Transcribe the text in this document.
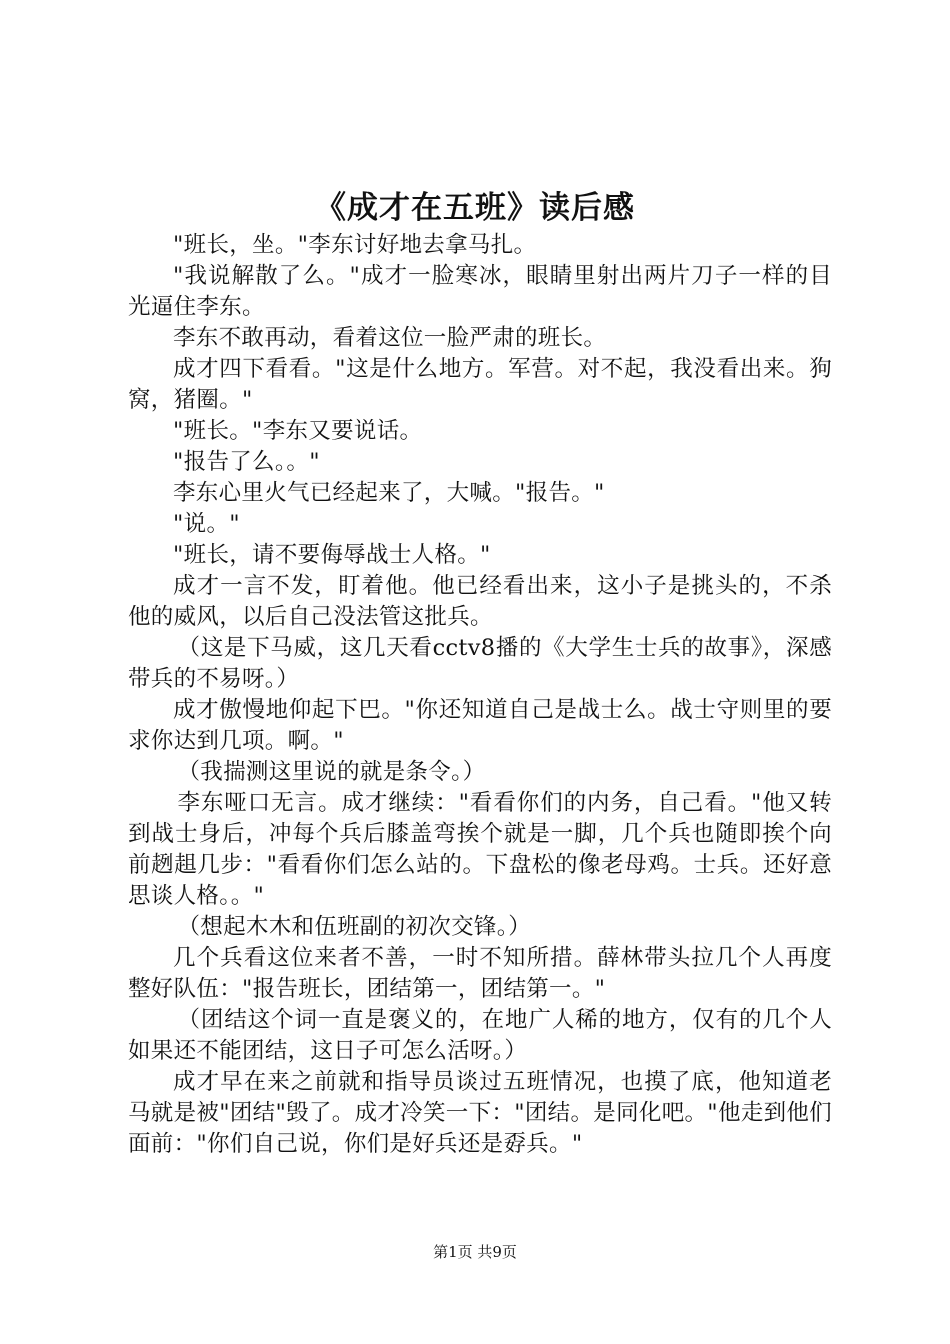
《成才在五班》读后感

"班长，坐。"李东讨好地去拿马扎。

"我说解散了么。"成才一脸寒冰，眼睛里射出两片刀子一样的目光逼住李东。

李东不敢再动，看着这位一脸严肃的班长。

成才四下看看。"这是什么地方。军营。对不起，我没看出来。狗窝，猪圈。"

"班长。"李东又要说话。

"报告了么。。"

李东心里火气已经起来了，大喊。"报告。"

"说。"

"班长，请不要侮辱战士人格。"

成才一言不发，盯着他。他已经看出来，这小子是挑头的，不杀他的威风，以后自己没法管这批兵。

（这是下马威，这几天看cctv8播的《大学生士兵的故事》，深感带兵的不易呀。）

成才傲慢地仰起下巴。"你还知道自己是战士么。战士守则里的要求你达到几项。啊。"

（我揣测这里说的就是条令。）

李东哑口无言。成才继续："看看你们的内务，自己看。"他又转到战士身后，冲每个兵后膝盖弯挨个就是一脚，几个兵也随即挨个向前趔趄几步："看看你们怎么站的。下盘松的像老母鸡。士兵。还好意思谈人格。。"

（想起木木和伍班副的初次交锋。）

几个兵看这位来者不善，一时不知所措。薛林带头拉几个人再度整好队伍："报告班长，团结第一，团结第一。"

（团结这个词一直是褒义的，在地广人稀的地方，仅有的几个人如果还不能团结，这日子可怎么活呀。）

成才早在来之前就和指导员谈过五班情况，也摸了底，他知道老马就是被"团结"毁了。成才冷笑一下："团结。是同化吧。"他走到他们面前："你们自己说，你们是好兵还是孬兵。"

第1页 共9页
